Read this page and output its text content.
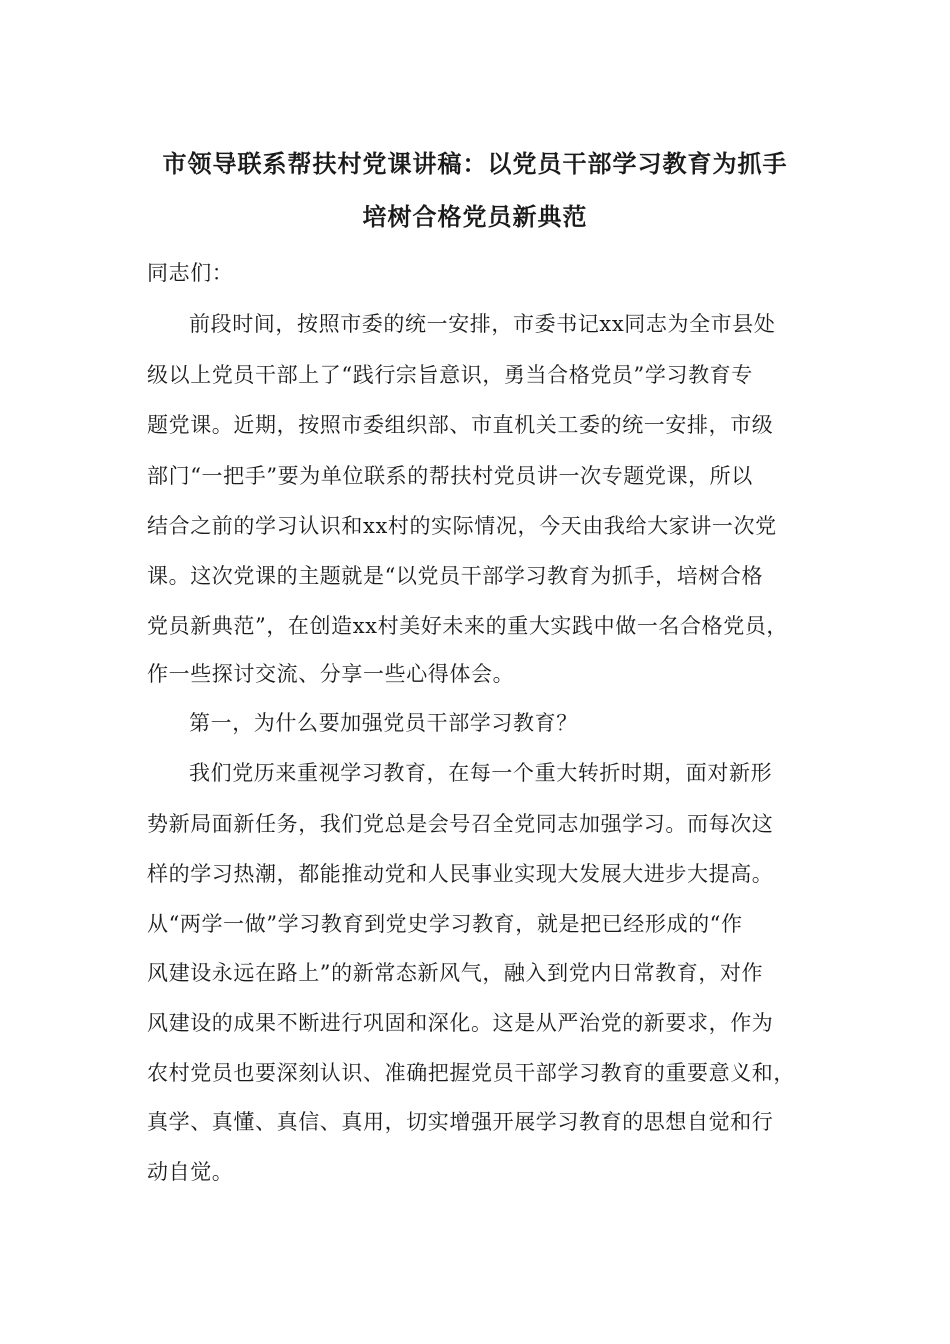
市领导联系帮扶村党课讲稿：以党员干部学习教育为抓手
培树合格党员新典范
同志们：
前段时间，按照市委的统一安排，市委书记xx同志为全市县处
级以上党员干部上了“践行宗旨意识，勇当合格党员”学习教育专
题党课。近期，按照市委组织部、市直机关工委的统一安排，市级
部门“一把手”要为单位联系的帮扶村党员讲一次专题党课，所以
结合之前的学习认识和xx村的实际情况，今天由我给大家讲一次党
课。这次党课的主题就是“以党员干部学习教育为抓手，培树合格
党员新典范”，在创造xx村美好未来的重大实践中做一名合格党员，
作一些探讨交流、分享一些心得体会。
第一，为什么要加强党员干部学习教育？
我们党历来重视学习教育，在每一个重大转折时期，面对新形
势新局面新任务，我们党总是会号召全党同志加强学习。而每次这
样的学习热潮，都能推动党和人民事业实现大发展大进步大提高。
从“两学一做”学习教育到党史学习教育，就是把已经形成的“作
风建设永远在路上”的新常态新风气，融入到党内日常教育，对作
风建设的成果不断进行巩固和深化。这是从严治党的新要求，作为
农村党员也要深刻认识、准确把握党员干部学习教育的重要意义和，
真学、真懂、真信、真用，切实增强开展学习教育的思想自觉和行
动自觉。
